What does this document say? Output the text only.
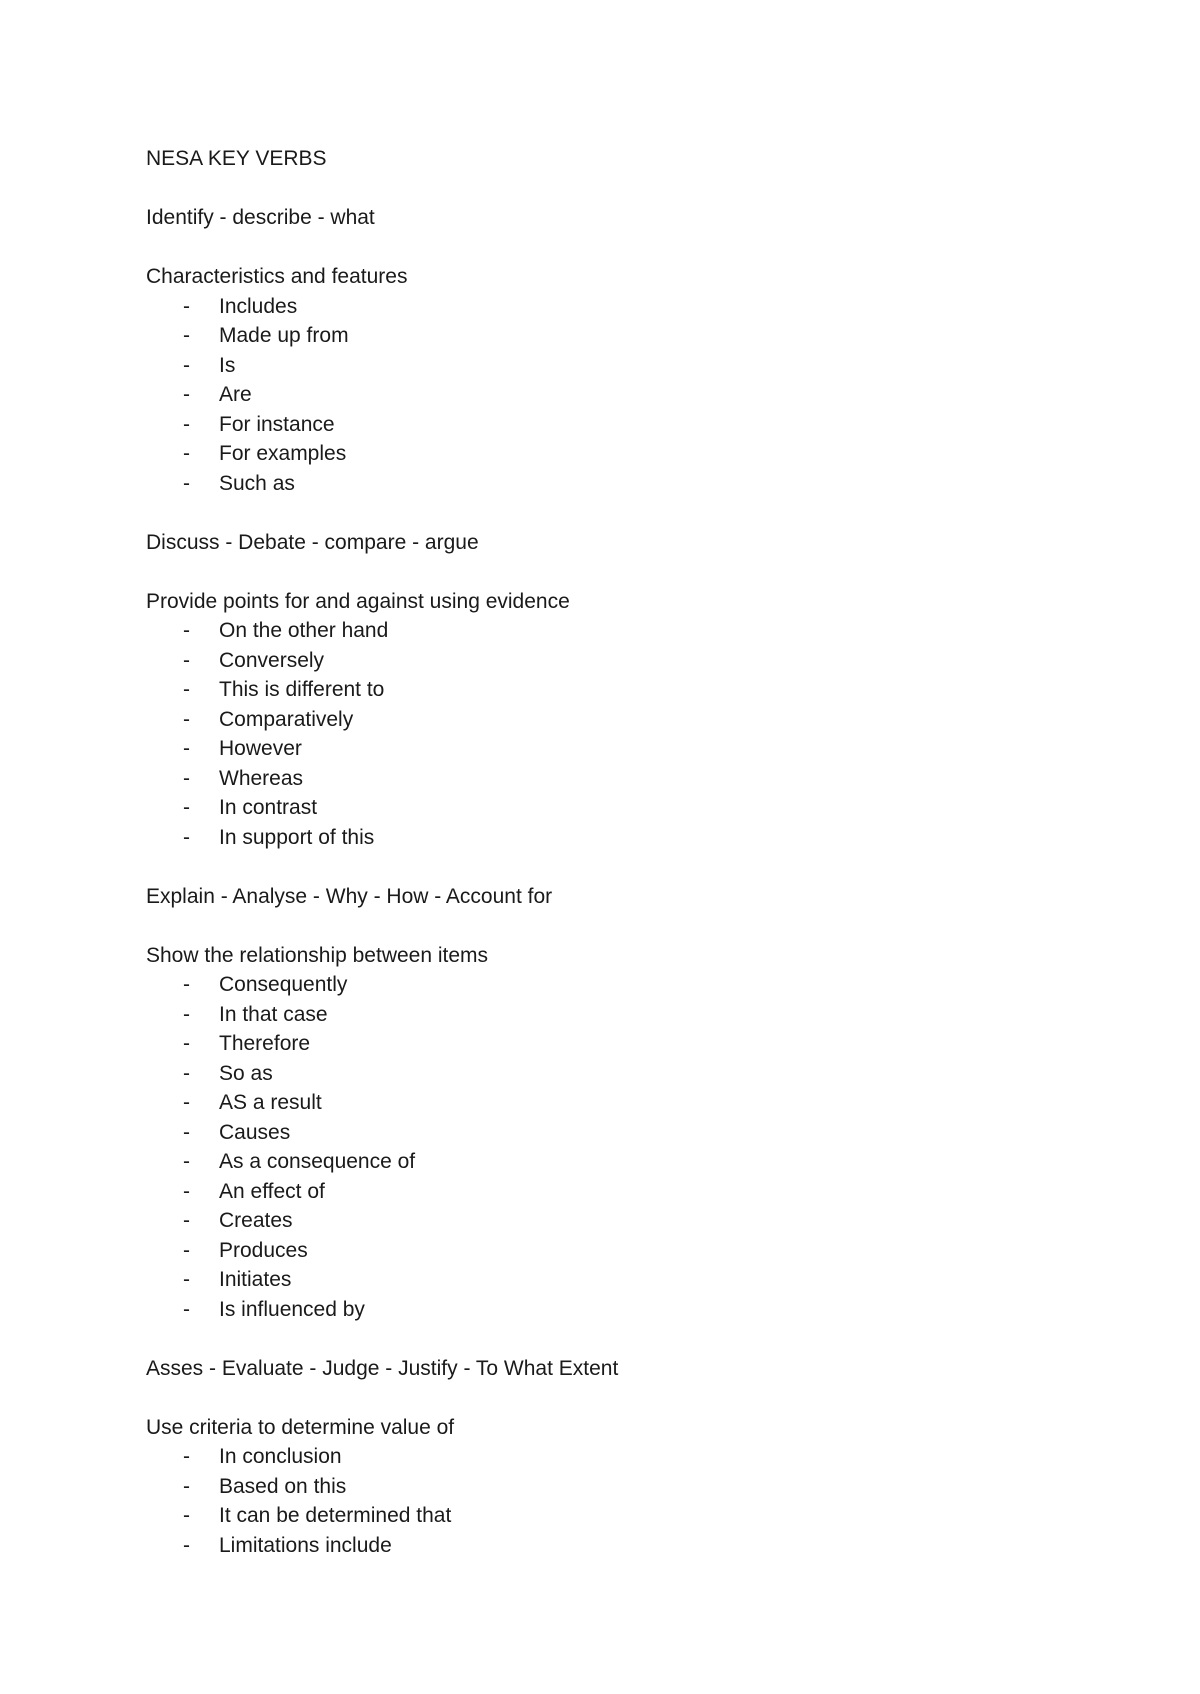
NESA KEY VERBS

Identify - describe - what

Characteristics and features

- Includes
- Made up from
- Is
- Are
- For instance
- For examples
- Such as

Discuss - Debate - compare - argue

Provide points for and against using evidence

- On the other hand
- Conversely
- This is different to
- Comparatively
- However
- Whereas
- In contrast
- In support of this

Explain - Analyse - Why - How - Account for

Show the relationship between items

- Consequently
- In that case
- Therefore
- So as
- AS a result
- Causes
- As a consequence of
- An effect of
- Creates
- Produces
- Initiates
- Is influenced by

Asses - Evaluate - Judge - Justify - To What Extent

Use criteria to determine value of

- In conclusion
- Based on this
- It can be determined that
- Limitations include
